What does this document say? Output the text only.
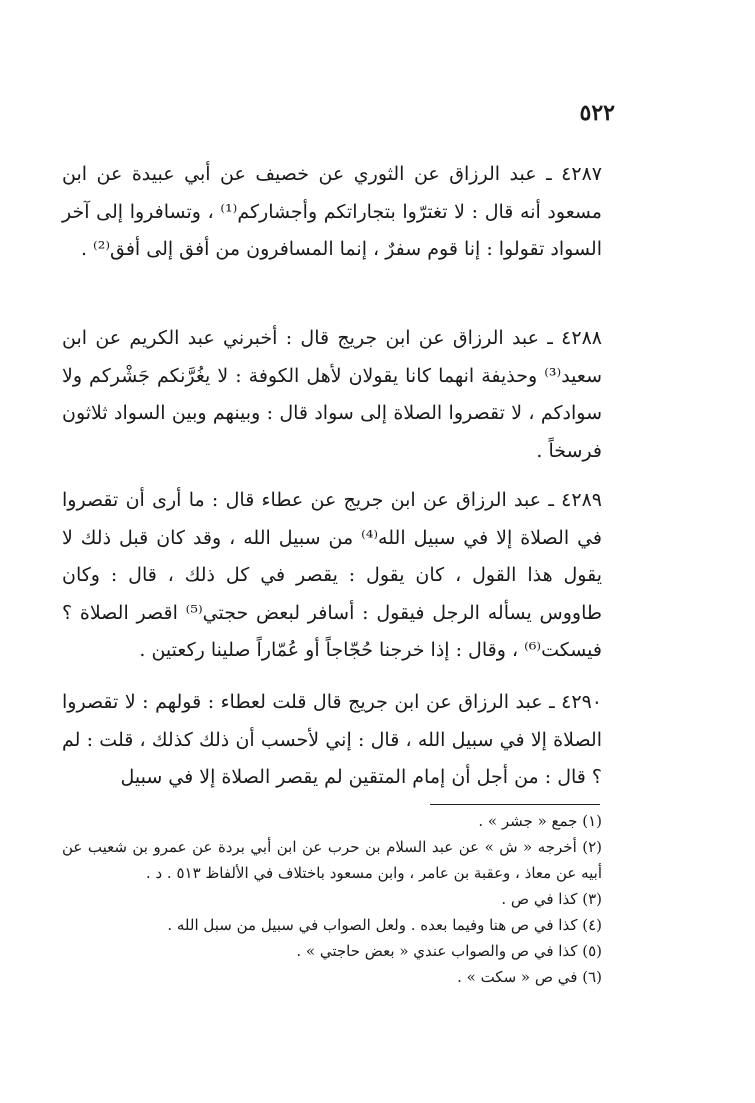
٥٢٢

٤٢٨٧ ـ عبد الرزاق عن الثوري عن خصيف عن أبي عبيدة عن ابن مسعود أنه قال : لا تغترّوا بتجاراتكم وأجشاركم⁽¹⁾ ، وتسافروا إلى آخر السواد تقولوا : إنا قوم سفرٌ ، إنما المسافرون من أفق إلى أفق⁽²⁾ .

٤٢٨٨ ـ عبد الرزاق عن ابن جريج قال : أخبرني عبد الكريم عن ابن سعيد⁽³⁾ وحذيفة انهما كانا يقولان لأهل الكوفة : لا يغُرَّنكم جَشْركم ولا سوادكم ، لا تقصروا الصلاة إلى سواد قال : وبينهم وبين السواد ثلاثون فرسخاً .

٤٢٨٩ ـ عبد الرزاق عن ابن جريج عن عطاء قال : ما أرى أن تقصروا في الصلاة إلا في سبيل الله⁽⁴⁾ من سبيل الله ، وقد كان قبل ذلك لا يقول هذا القول ، كان يقول : يقصر في كل ذلك ، قال : وكان طاووس يسأله الرجل فيقول : أسافر لبعض حجتي⁽⁵⁾ اقصر الصلاة ؟ فيسكت⁽⁶⁾ ، وقال : إذا خرجنا حُجّاجاً أو عُمّاراً صلينا ركعتين .

٤٢٩٠ ـ عبد الرزاق عن ابن جريج قال قلت لعطاء : قولهم : لا تقصروا الصلاة إلا في سبيل الله ، قال : إني لأحسب أن ذلك كذلك ، قلت : لم ؟ قال : من أجل أن إمام المتقين لم يقصر الصلاة إلا في سبيل

(١) جمع « جشر » .
(٢) أخرجه « ش » عن عبد السلام بن حرب عن ابن أبي بردة عن عمرو بن شعيب عن أبيه عن معاذ ، وعقبة بن عامر ، وابن مسعود باختلاف في الألفاظ ٥١٣ . د .
(٣) كذا في ص .
(٤) كذا في ص هنا وفيما بعده . ولعل الصواب في سبيل من سبل الله .
(٥) كذا في ص والصواب عندي « بعض حاجتي » .
(٦) في ص « سكت » .
